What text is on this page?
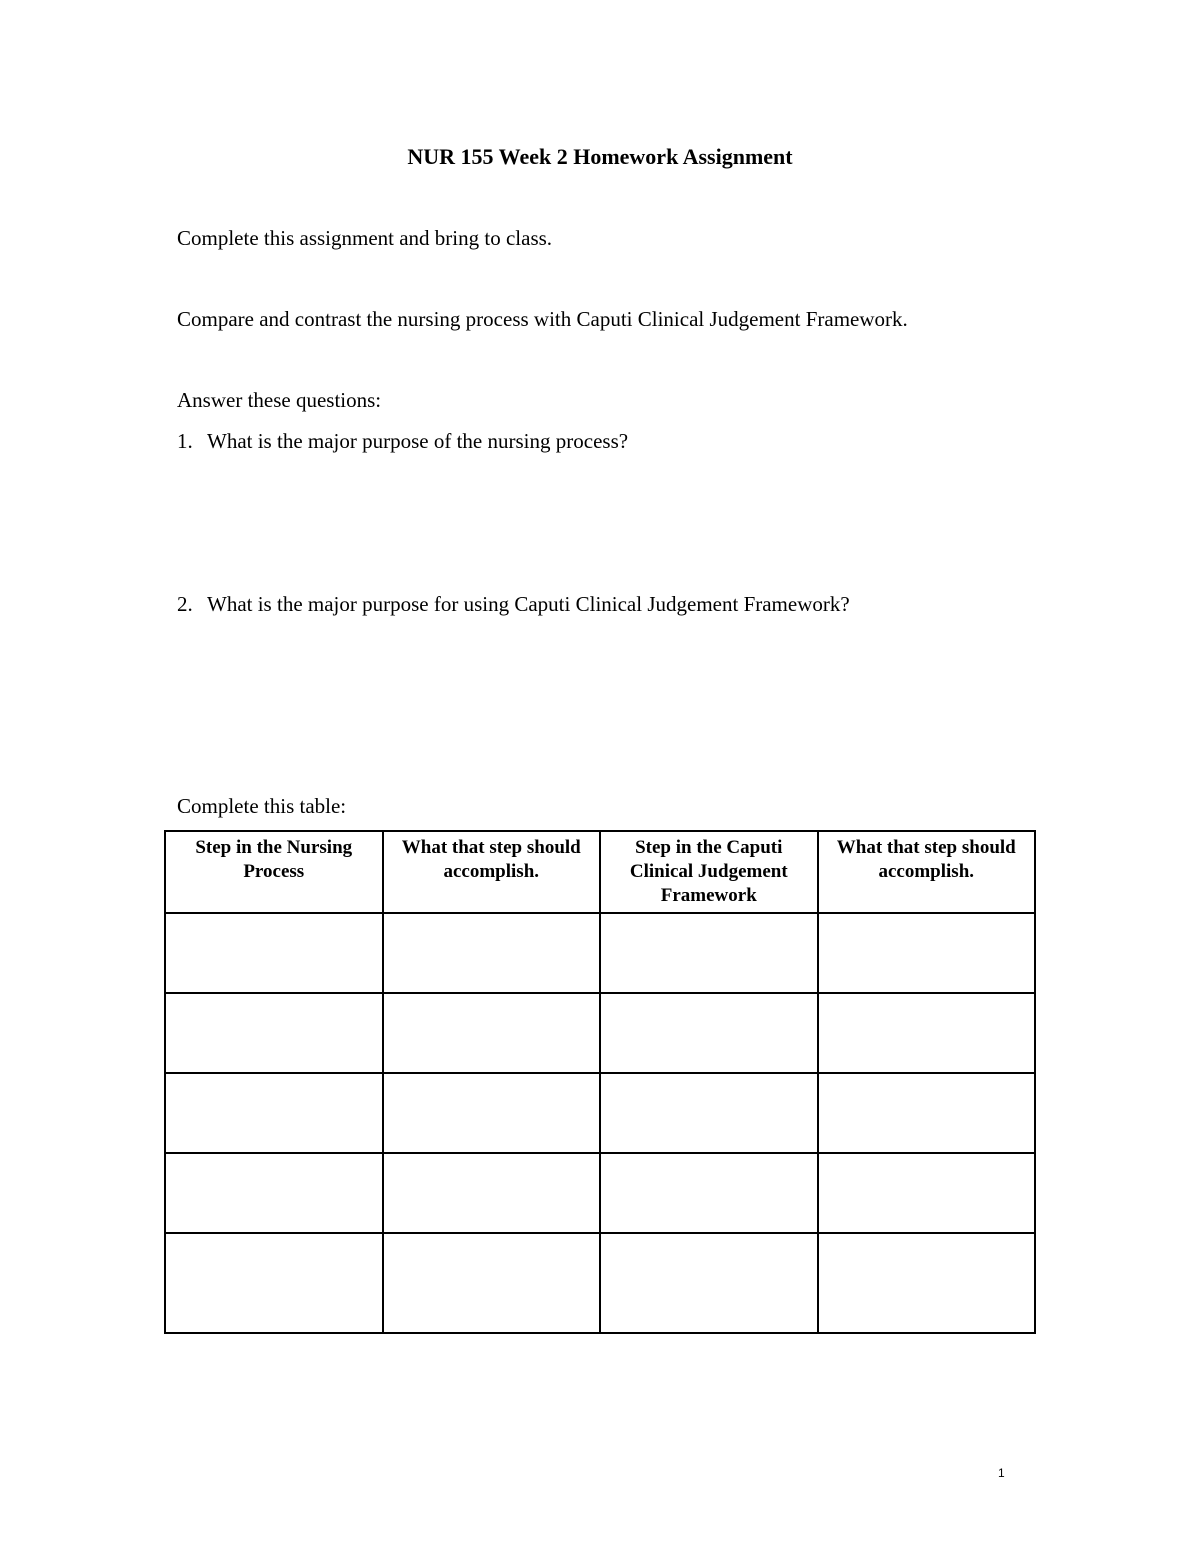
NUR 155 Week 2 Homework Assignment
Complete this assignment and bring to class.
Compare and contrast the nursing process with Caputi Clinical Judgement Framework.
Answer these questions:
1. What is the major purpose of the nursing process?
2. What is the major purpose for using Caputi Clinical Judgement Framework?
Complete this table:
Step in the Nursing Process	What that step should accomplish.	Step in the Caputi Clinical Judgement Framework	What that step should accomplish.

1
